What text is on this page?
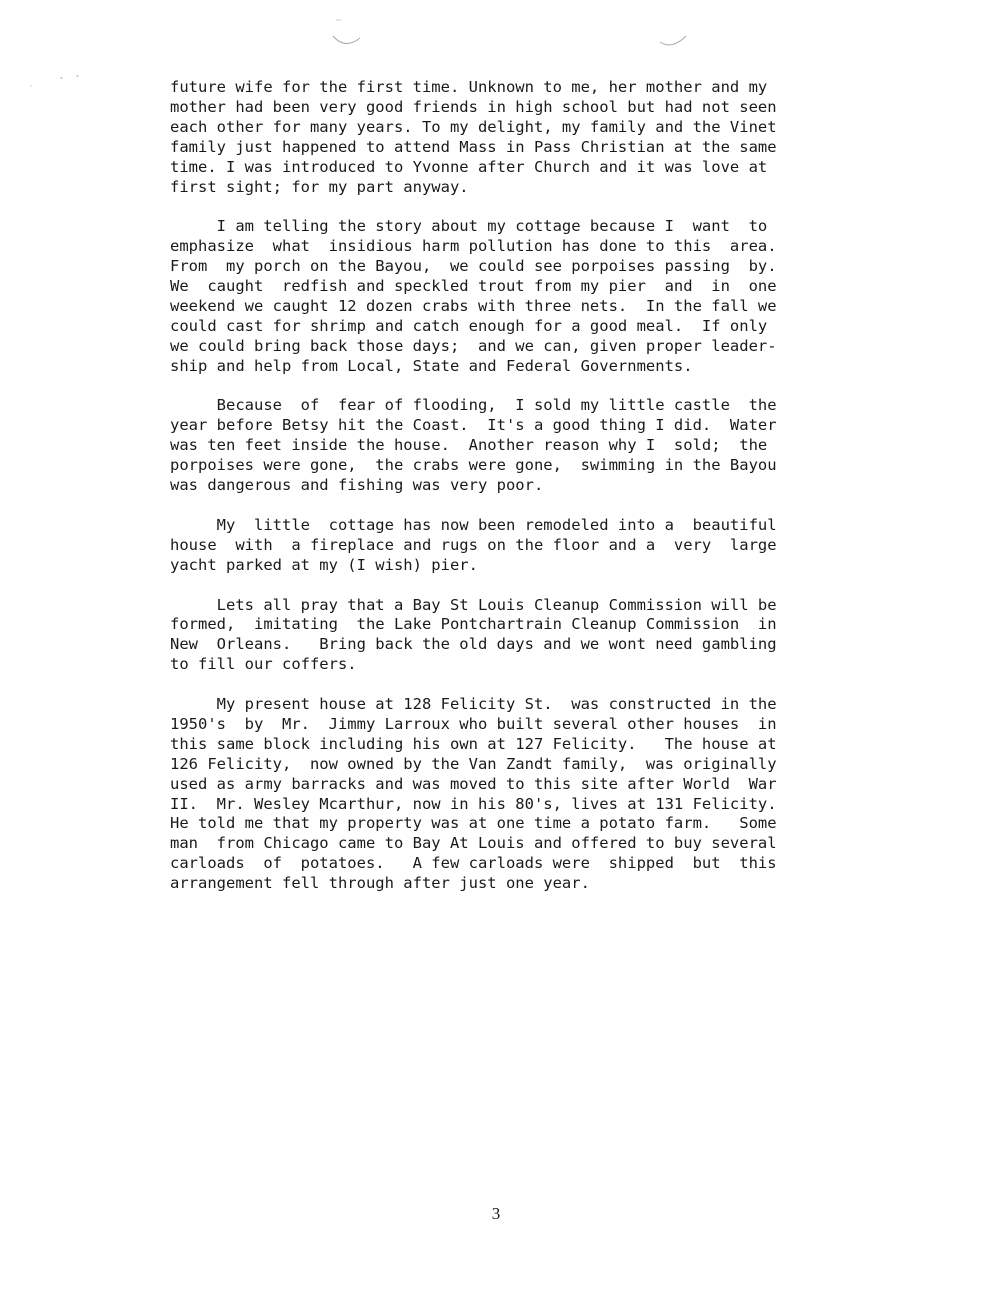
future wife for the first time. Unknown to me, her mother and my
mother had been very good friends in high school but had not seen
each other for many years. To my delight, my family and the Vinet
family just happened to attend Mass in Pass Christian at the same
time. I was introduced to Yvonne after Church and it was love at
first sight; for my part anyway.

I am telling the story about my cottage because I  want  to
emphasize  what  insidious harm pollution has done to this  area.
From  my porch on the Bayou,  we could see porpoises passing  by.
We  caught  redfish and speckled trout from my pier  and  in  one
weekend we caught 12 dozen crabs with three nets.  In the fall we
could cast for shrimp and catch enough for a good meal.  If only
we could bring back those days;  and we can, given proper leader-
ship and help from Local, State and Federal Governments.

Because  of  fear of flooding,  I sold my little castle  the
year before Betsy hit the Coast.  It's a good thing I did.  Water
was ten feet inside the house.  Another reason why I  sold;  the
porpoises were gone,  the crabs were gone,  swimming in the Bayou
was dangerous and fishing was very poor.

My  little  cottage has now been remodeled into a  beautiful
house  with  a fireplace and rugs on the floor and a  very  large
yacht parked at my (I wish) pier.

Lets all pray that a Bay St Louis Cleanup Commission will be
formed,  imitating  the Lake Pontchartrain Cleanup Commission  in
New  Orleans.   Bring back the old days and we wont need gambling
to fill our coffers.

My present house at 128 Felicity St.  was constructed in the
1950's  by  Mr.  Jimmy Larroux who built several other houses  in
this same block including his own at 127 Felicity.   The house at
126 Felicity,  now owned by the Van Zandt family,  was originally
used as army barracks and was moved to this site after World  War
II.  Mr. Wesley Mcarthur, now in his 80's, lives at 131 Felicity.
He told me that my property was at one time a potato farm.   Some
man  from Chicago came to Bay At Louis and offered to buy several
carloads  of  potatoes.   A few carloads were  shipped  but  this
arrangement fell through after just one year.

3
